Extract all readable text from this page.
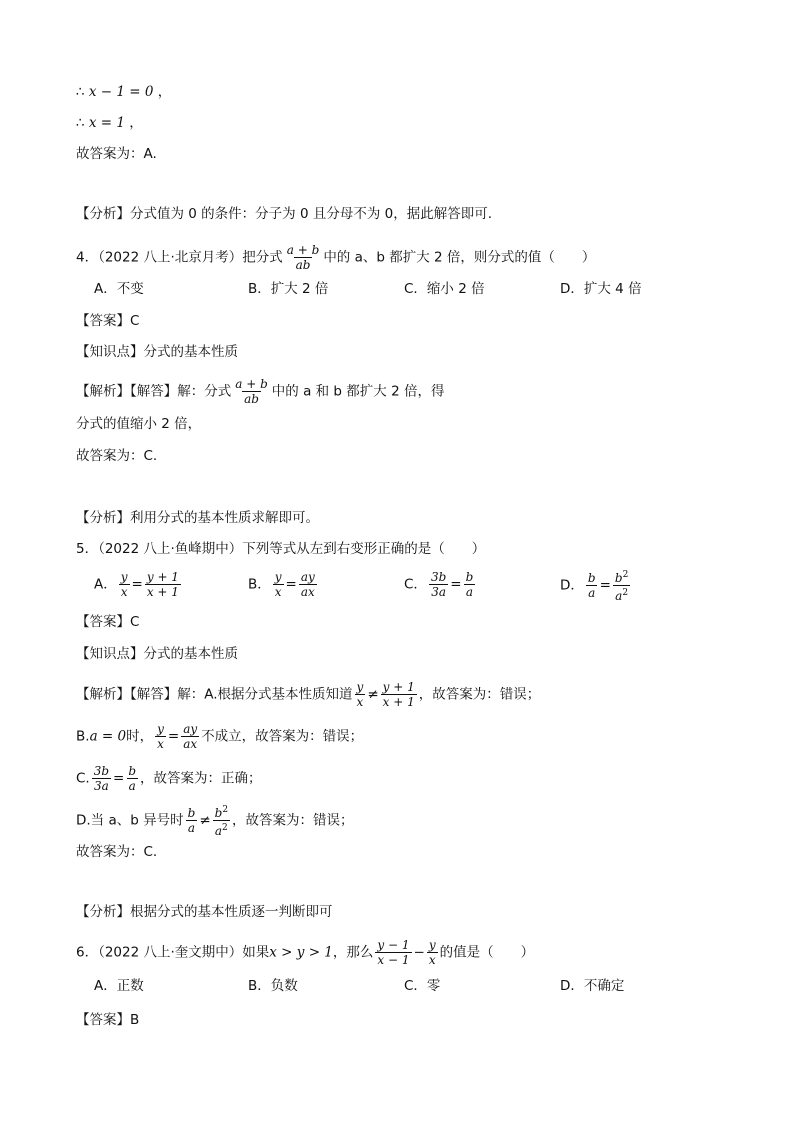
∴ x − 1 = 0 ，
∴ x = 1 ，
故答案为：A.
【分析】分式值为 0 的条件：分子为 0 且分母不为 0，据此解答即可.
4．（2022 八上·北京月考）把分式 $\frac{a + b}{ab}$ 中的 a、b 都扩大 2 倍，则分式的值（　　）
A．不变	B．扩大 2 倍	C．缩小 2 倍	D．扩大 4 倍
【答案】C
【知识点】分式的基本性质
【解析】【解答】解：分式 $\frac{a + b}{ab}$ 中的 a 和 b 都扩大 2 倍，得
分式的值缩小 2 倍，
故答案为：C.
【分析】利用分式的基本性质求解即可。
5．（2022 八上·鱼峰期中）下列等式从左到右变形正确的是（　　）
A． $\frac{y}{x} = \frac{y + 1}{x + 1}$	B． $\frac{y}{x} = \frac{ay}{ax}$	C． $\frac{3b}{3a} = \frac{b}{a}$	D． $\frac{b}{a} = \frac{b^2}{a^2}$
【答案】C
【知识点】分式的基本性质
【解析】【解答】解：A.根据分式基本性质知道 $\frac{y}{x} \ne \frac{y + 1}{x + 1}$ ，故答案为：错误；
B.a = 0时， $\frac{y}{x} = \frac{ay}{ax}$ 不成立，故答案为：错误；
C. $\frac{3b}{3a} = \frac{b}{a}$ ，故答案为：正确；
D.当 a、b 异号时 $\frac{b}{a} \ne \frac{b^2}{a^2}$ ，故答案为：错误；
故答案为：C.
【分析】根据分式的基本性质逐一判断即可
6．（2022 八上·奎文期中）如果x > y > 1，那么 $\frac{y - 1}{x - 1} - \frac{y}{x}$ 的值是（　　）
A．正数	B．负数	C．零	D．不确定
【答案】B
